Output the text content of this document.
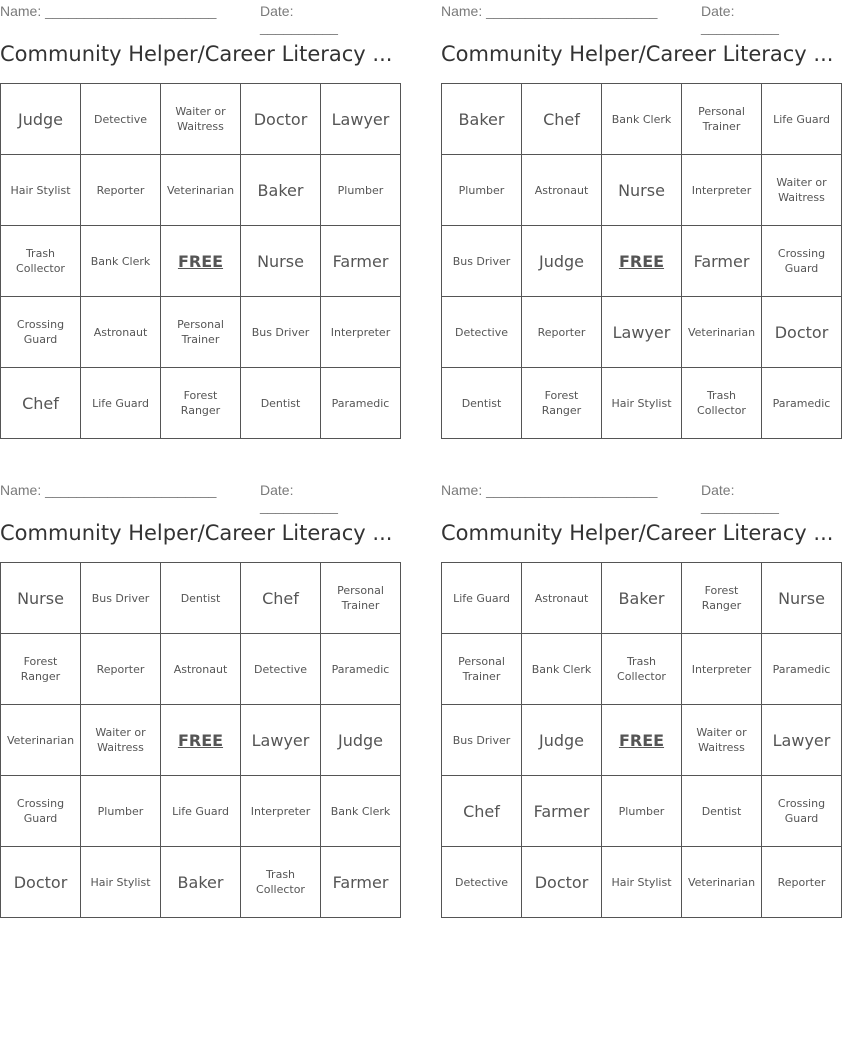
Name: ______________________	Date: __________
Community Helper/Career Literacy ...
Judge	Detective	Waiter or Waitress	Doctor	Lawyer
Hair Stylist	Reporter	Veterinarian	Baker	Plumber
Trash Collector	Bank Clerk	FREE	Nurse	Farmer
Crossing Guard	Astronaut	Personal Trainer	Bus Driver	Interpreter
Chef	Life Guard	Forest Ranger	Dentist	Paramedic
Name: ______________________	Date: __________
Community Helper/Career Literacy ...
Baker	Chef	Bank Clerk	Personal Trainer	Life Guard
Plumber	Astronaut	Nurse	Interpreter	Waiter or Waitress
Bus Driver	Judge	FREE	Farmer	Crossing Guard
Detective	Reporter	Lawyer	Veterinarian	Doctor
Dentist	Forest Ranger	Hair Stylist	Trash Collector	Paramedic
Name: ______________________	Date: __________
Community Helper/Career Literacy ...
Nurse	Bus Driver	Dentist	Chef	Personal Trainer
Forest Ranger	Reporter	Astronaut	Detective	Paramedic
Veterinarian	Waiter or Waitress	FREE	Lawyer	Judge
Crossing Guard	Plumber	Life Guard	Interpreter	Bank Clerk
Doctor	Hair Stylist	Baker	Trash Collector	Farmer
Name: ______________________	Date: __________
Community Helper/Career Literacy ...
Life Guard	Astronaut	Baker	Forest Ranger	Nurse
Personal Trainer	Bank Clerk	Trash Collector	Interpreter	Paramedic
Bus Driver	Judge	FREE	Waiter or Waitress	Lawyer
Chef	Farmer	Plumber	Dentist	Crossing Guard
Detective	Doctor	Hair Stylist	Veterinarian	Reporter
